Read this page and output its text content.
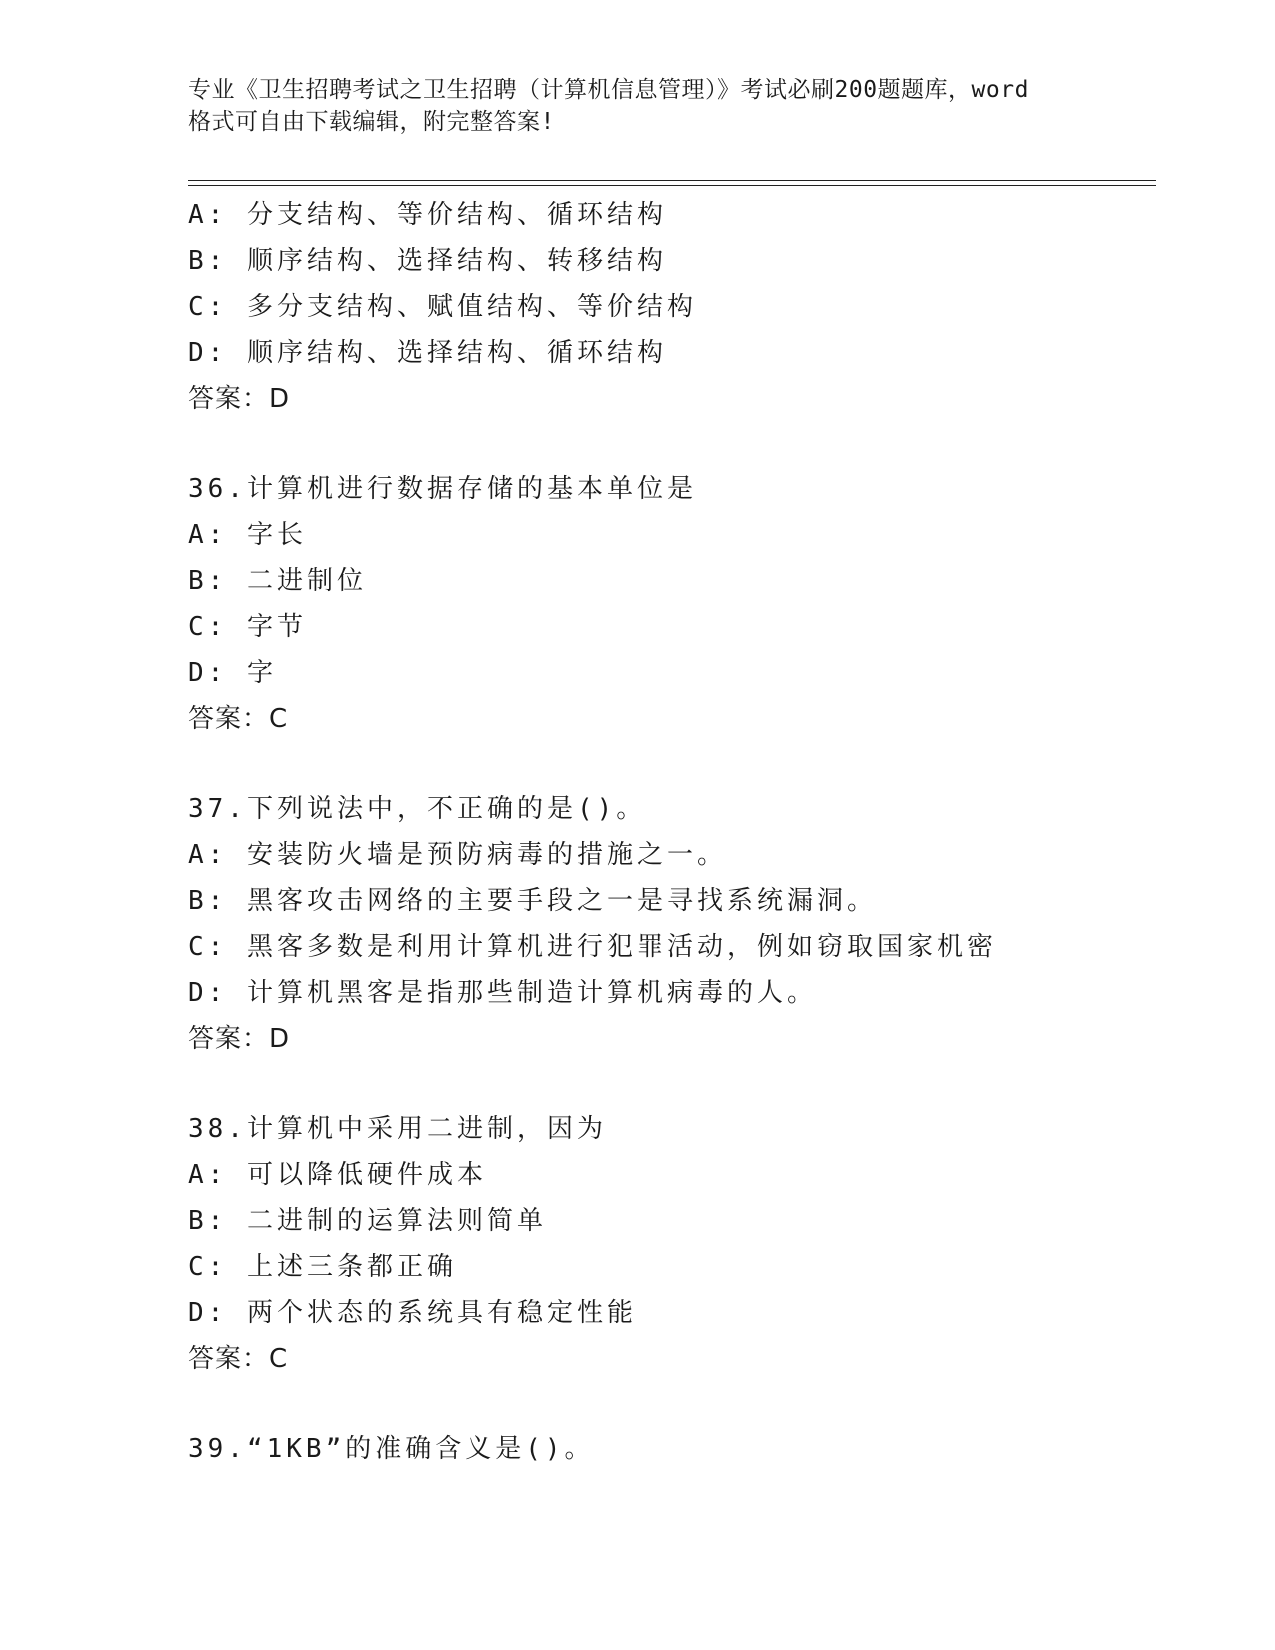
专业《卫生招聘考试之卫生招聘（计算机信息管理）》考试必刷200题题库，word
格式可自由下载编辑，附完整答案!
A: 分支结构、等价结构、循环结构
B: 顺序结构、选择结构、转移结构
C: 多分支结构、赋值结构、等价结构
D: 顺序结构、选择结构、循环结构
答案：D
36.计算机进行数据存储的基本单位是
A: 字长
B: 二进制位
C: 字节
D: 字
答案：C
37.下列说法中，不正确的是()。
A: 安装防火墙是预防病毒的措施之一。
B: 黑客攻击网络的主要手段之一是寻找系统漏洞。
C: 黑客多数是利用计算机进行犯罪活动，例如窃取国家机密
D: 计算机黑客是指那些制造计算机病毒的人。
答案：D
38.计算机中采用二进制，因为
A: 可以降低硬件成本
B: 二进制的运算法则简单
C: 上述三条都正确
D: 两个状态的系统具有稳定性能
答案：C
39.“1KB”的准确含义是()。
